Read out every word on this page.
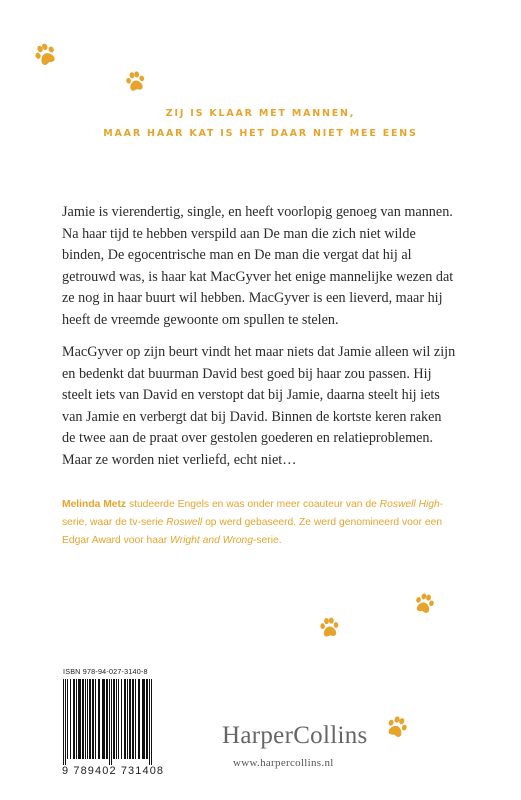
ZIJ IS KLAAR MET MANNEN,
MAAR HAAR KAT IS HET DAAR NIET MEE EENS
Jamie is vierendertig, single, en heeft voorlopig genoeg van mannen.
Na haar tijd te hebben verspild aan De man die zich niet wilde
binden, De egocentrische man en De man die vergat dat hij al
getrouwd was, is haar kat MacGyver het enige mannelijke wezen dat
ze nog in haar buurt wil hebben. MacGyver is een lieverd, maar hij
heeft de vreemde gewoonte om spullen te stelen.
MacGyver op zijn beurt vindt het maar niets dat Jamie alleen wil zijn
en bedenkt dat buurman David best goed bij haar zou passen. Hij
steelt iets van David en verstopt dat bij Jamie, daarna steelt hij iets
van Jamie en verbergt dat bij David. Binnen de kortste keren raken
de twee aan de praat over gestolen goederen en relatieproblemen.
Maar ze worden niet verliefd, echt niet…
Melinda Metz studeerde Engels en was onder meer coauteur van de Roswell High-
serie, waar de tv-serie Roswell op werd gebaseerd. Ze werd genomineerd voor een
Edgar Award voor haar Wright and Wrong-serie.
ISBN 978-94-027-3140-8
9 789402 731408
HarperCollins
www.harpercollins.nl
